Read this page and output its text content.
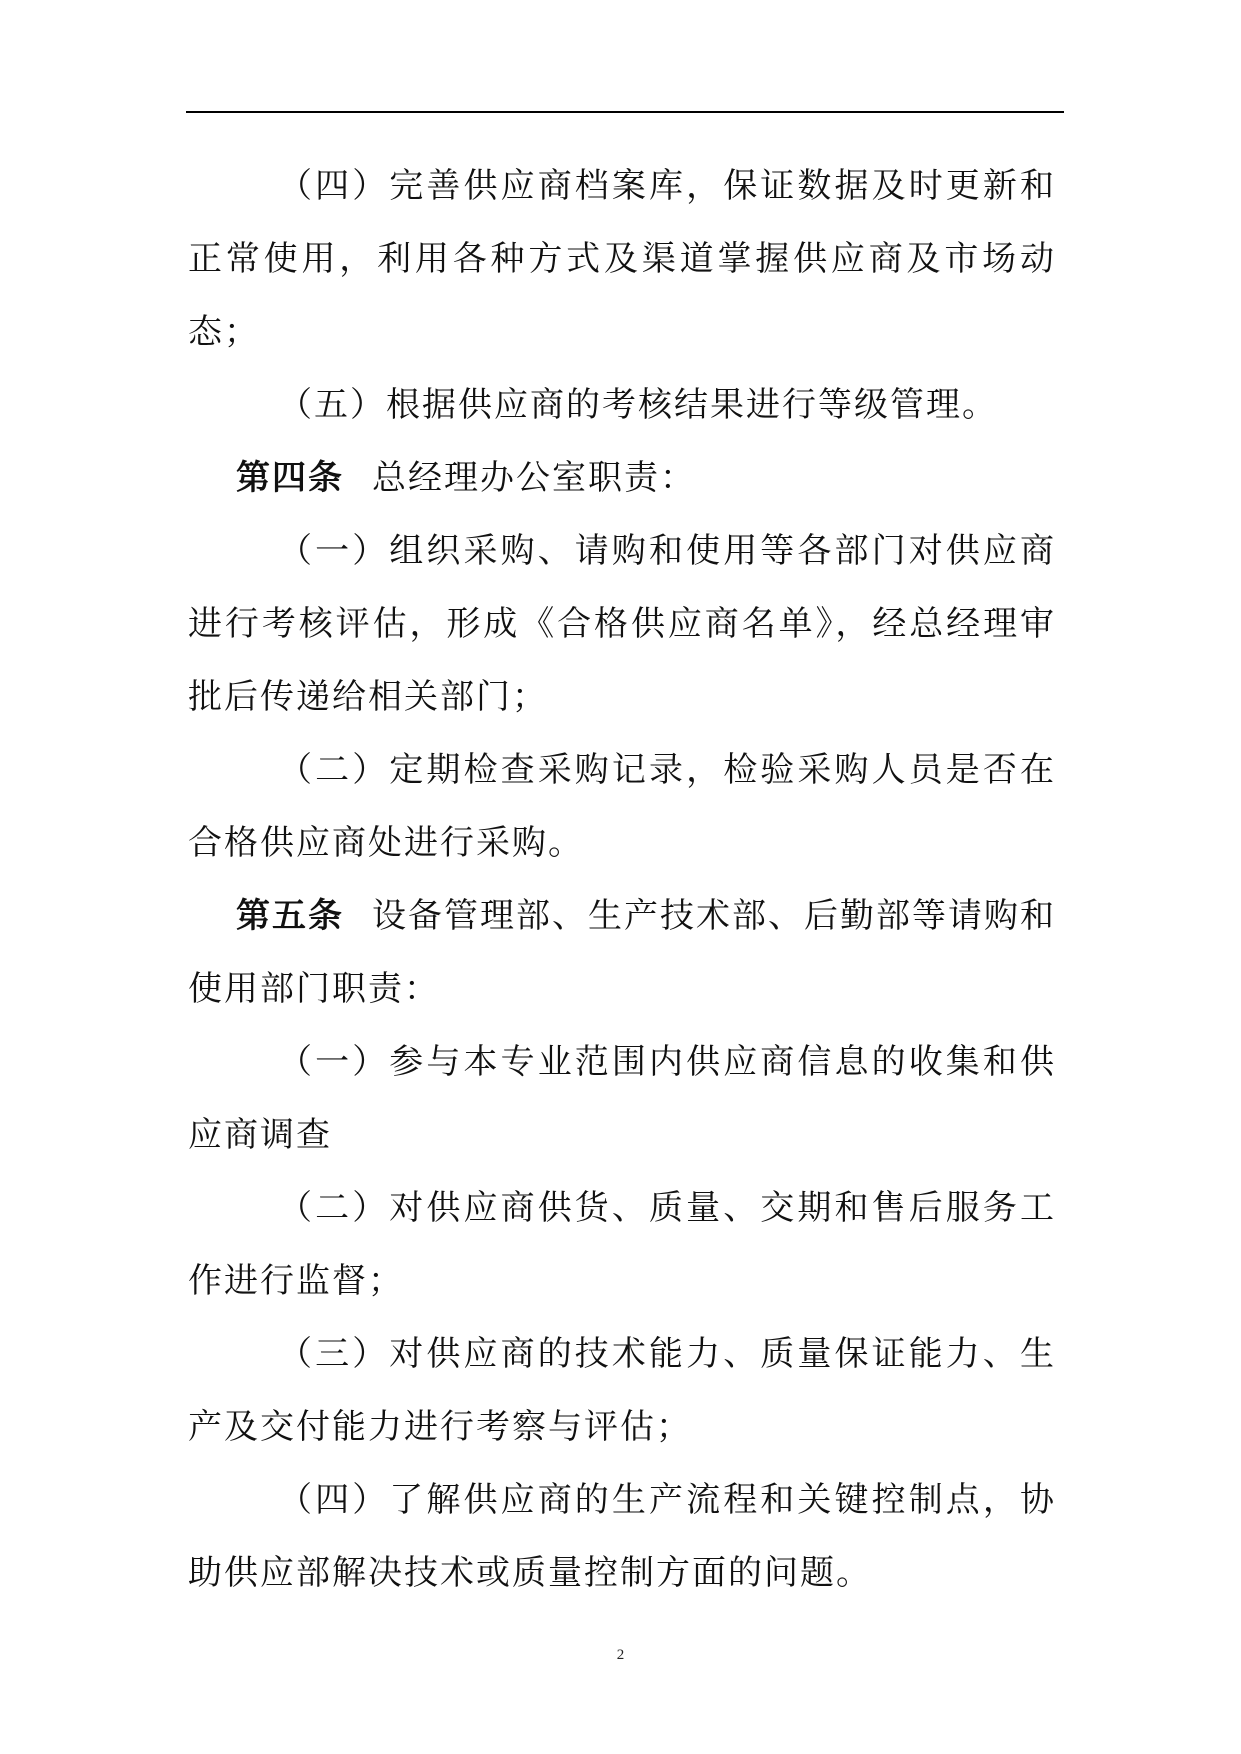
（四）完善供应商档案库，保证数据及时更新和正常使用，利用各种方式及渠道掌握供应商及市场动态；

（五）根据供应商的考核结果进行等级管理。

第四条 总经理办公室职责：

（一）组织采购、请购和使用等各部门对供应商进行考核评估，形成《合格供应商名单》，经总经理审批后传递给相关部门；

（二）定期检查采购记录，检验采购人员是否在合格供应商处进行采购。

第五条 设备管理部、生产技术部、后勤部等请购和使用部门职责：

（一）参与本专业范围内供应商信息的收集和供应商调查

（二）对供应商供货、质量、交期和售后服务工作进行监督；

（三）对供应商的技术能力、质量保证能力、生产及交付能力进行考察与评估；

（四）了解供应商的生产流程和关键控制点，协助供应部解决技术或质量控制方面的问题。

2
